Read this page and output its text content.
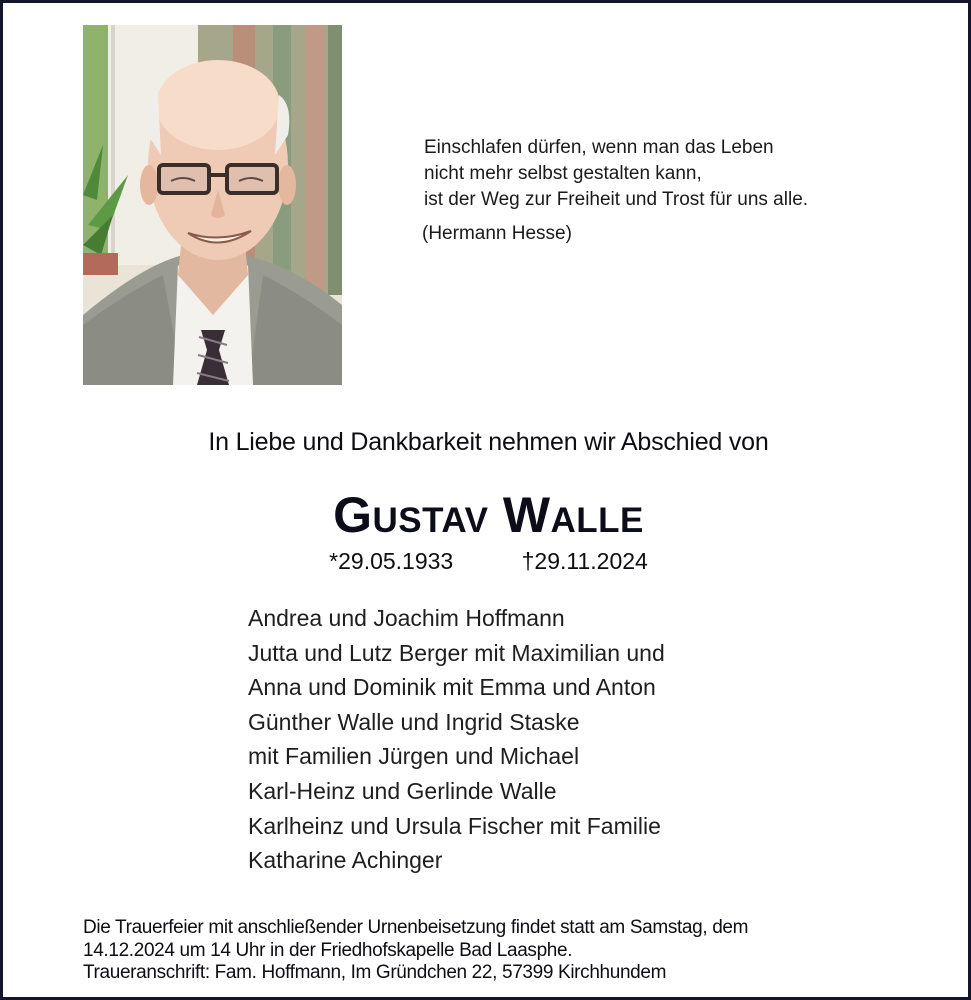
Einschlafen dürfen, wenn man das Leben
nicht mehr selbst gestalten kann,
ist der Weg zur Freiheit und Trost für uns alle.
(Hermann Hesse)
In Liebe und Dankbarkeit nehmen wir Abschied von
Gustav Walle
*29.05.1933	†29.11.2024
Andrea und Joachim Hoffmann
Jutta und Lutz Berger mit Maximilian und
Anna und Dominik mit Emma und Anton
Günther Walle und Ingrid Staske
mit Familien Jürgen und Michael
Karl-Heinz und Gerlinde Walle
Karlheinz und Ursula Fischer mit Familie
Katharine Achinger
Die Trauerfeier mit anschließender Urnenbeisetzung findet statt am Samstag, dem
14.12.2024 um 14 Uhr in der Friedhofskapelle Bad Laasphe.
Traueranschrift: Fam. Hoffmann, Im Gründchen 22, 57399 Kirchhundem
